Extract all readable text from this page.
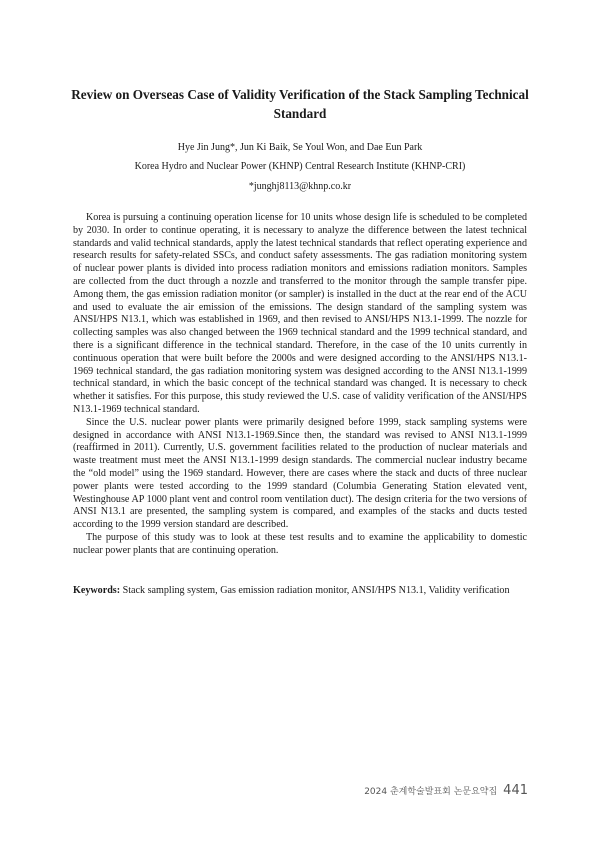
Review on Overseas Case of Validity Verification of the Stack Sampling Technical Standard

Hye Jin Jung*, Jun Ki Baik, Se Youl Won, and Dae Eun Park

Korea Hydro and Nuclear Power (KHNP) Central Research Institute (KHNP-CRI)

*junghj8113@khnp.co.kr

Korea is pursuing a continuing operation license for 10 units whose design life is scheduled to be completed by 2030. In order to continue operating, it is necessary to analyze the difference between the latest technical standards and valid technical standards, apply the latest technical standards that reflect operating experience and research results for safety-related SSCs, and conduct safety assessments. The gas radiation monitoring system of nuclear power plants is divided into process radiation monitors and emissions radiation monitors. Samples are collected from the duct through a nozzle and transferred to the monitor through the sample transfer pipe. Among them, the gas emission radiation monitor (or sampler) is installed in the duct at the rear end of the ACU and used to evaluate the air emission of the emissions. The design standard of the sampling system was ANSI/HPS N13.1, which was established in 1969, and then revised to ANSI/HPS N13.1-1999. The nozzle for collecting samples was also changed between the 1969 technical standard and the 1999 technical standard, and there is a significant difference in the technical standard. Therefore, in the case of the 10 units currently in continuous operation that were built before the 2000s and were designed according to the ANSI/HPS N13.1-1969 technical standard, the gas radiation monitoring system was designed according to the ANSI N13.1-1999 technical standard, in which the basic concept of the technical standard was changed. It is necessary to check whether it satisfies. For this purpose, this study reviewed the U.S. case of validity verification of the ANSI/HPS N13.1-1969 technical standard.

Since the U.S. nuclear power plants were primarily designed before 1999, stack sampling systems were designed in accordance with ANSI N13.1-1969.Since then, the standard was revised to ANSI N13.1-1999 (reaffirmed in 2011). Currently, U.S. government facilities related to the production of nuclear materials and waste treatment must meet the ANSI N13.1-1999 design standards. The commercial nuclear industry became the “old model” using the 1969 standard. However, there are cases where the stack and ducts of three nuclear power plants were tested according to the 1999 standard (Columbia Generating Station elevated vent, Westinghouse AP 1000 plant vent and control room ventilation duct). The design criteria for the two versions of ANSI N13.1 are presented, the sampling system is compared, and examples of the stacks and ducts tested according to the 1999 version standard are described.

The purpose of this study was to look at these test results and to examine the applicability to domestic nuclear power plants that are continuing operation.

Keywords: Stack sampling system, Gas emission radiation monitor, ANSI/HPS N13.1, Validity verification

2024 춘계학술발표회 논문요약집 441
